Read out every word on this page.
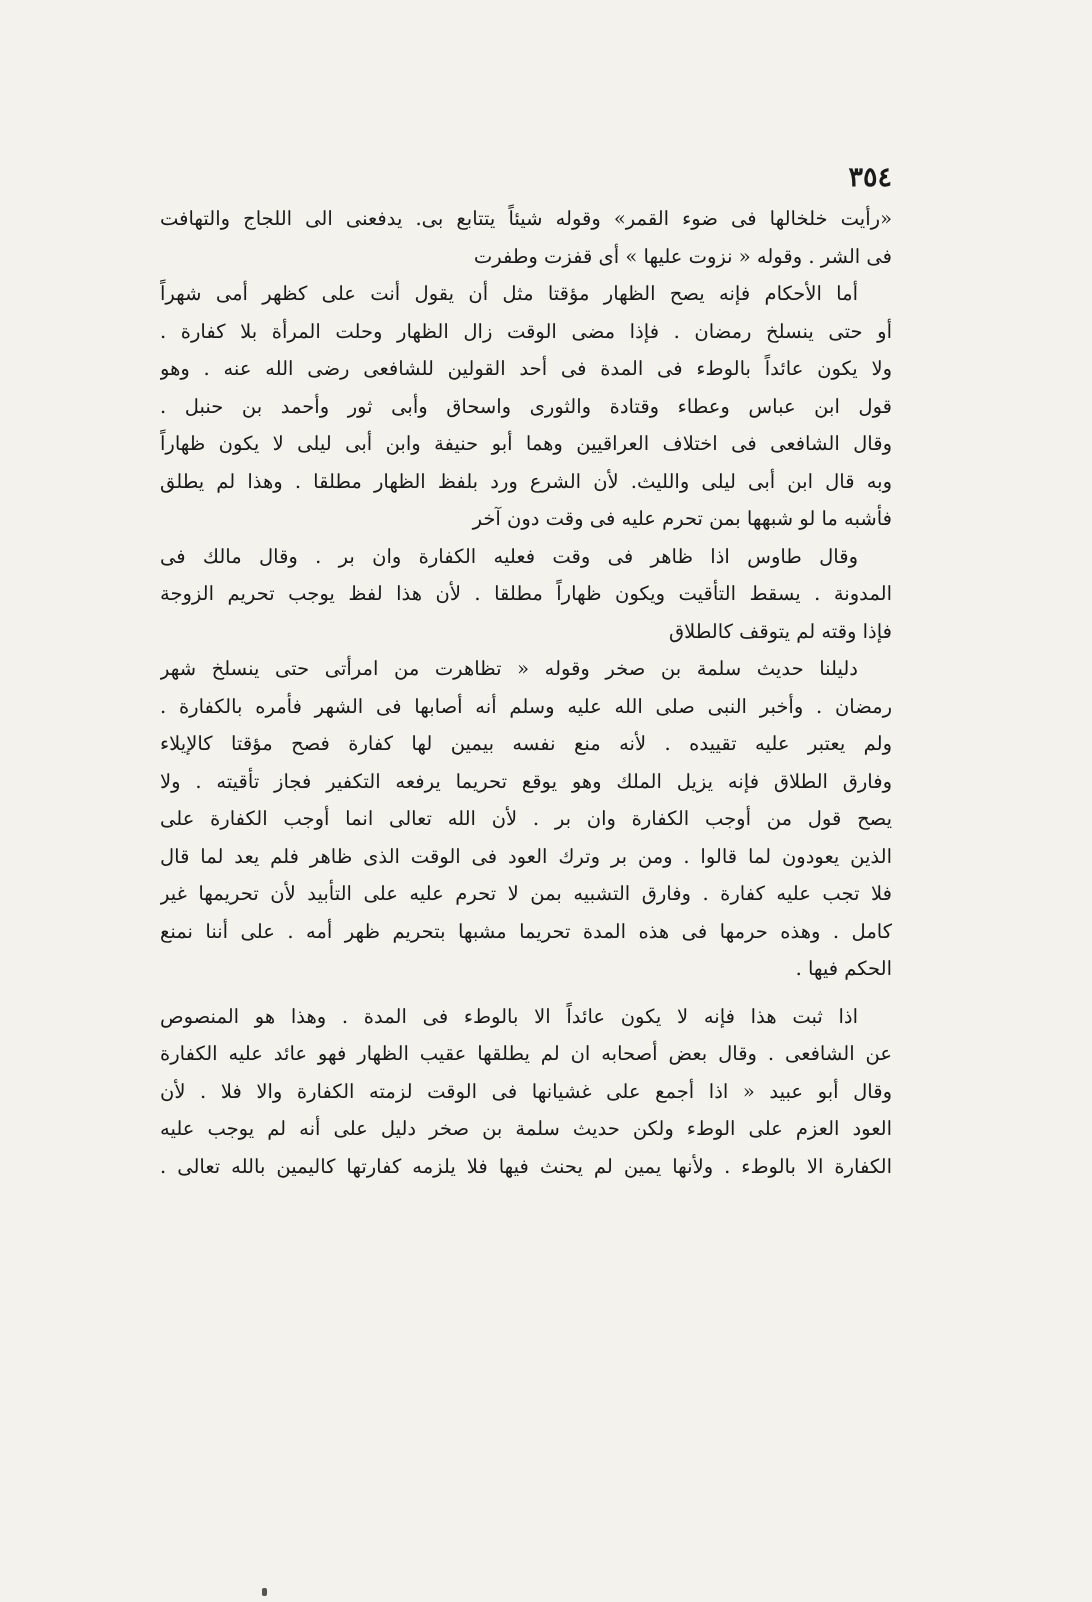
٣٥٤
«رأيت خلخالها فى ضوء القمر» وقوله شيئاً يتتابع بى. يدفعنى الى اللجاج والتهافت
فى الشر . وقوله « نزوت عليها » أى قفزت وطفرت
أما الأحكام فإنه يصح الظهار مؤقتا مثل أن يقول أنت على كظهر أمى شهراً
أو حتى ينسلخ رمضان . فإذا مضى الوقت زال الظهار وحلت المرأة بلا كفارة .
ولا يكون عائداً بالوطء فى المدة فى أحد القولين للشافعى رضى الله عنه . وهو
قول ابن عباس وعطاء وقتادة والثورى واسحاق وأبى ثور وأحمد بن حنبل .
وقال الشافعى فى اختلاف العراقيين وهما أبو حنيفة وابن أبى ليلى لا يكون ظهاراً
وبه قال ابن أبى ليلى والليث. لأن الشرع ورد بلفظ الظهار مطلقا . وهذا لم يطلق
فأشبه ما لو شبهها بمن تحرم عليه فى وقت دون آخر
وقال طاوس اذا ظاهر فى وقت فعليه الكفارة وان بر . وقال مالك فى
المدونة . يسقط التأقيت ويكون ظهاراً مطلقا . لأن هذا لفظ يوجب تحريم الزوجة
فإذا وقته لم يتوقف كالطلاق
دليلنا حديث سلمة بن صخر وقوله « تظاهرت من امرأتى حتى ينسلخ شهر
رمضان . وأخبر النبى صلى الله عليه وسلم أنه أصابها فى الشهر فأمره بالكفارة .
ولم يعتبر عليه تقييده . لأنه منع نفسه بيمين لها كفارة فصح مؤقتا كالإيلاء
وفارق الطلاق فإنه يزيل الملك وهو يوقع تحريما يرفعه التكفير فجاز تأقيته . ولا
يصح قول من أوجب الكفارة وان بر . لأن الله تعالى انما أوجب الكفارة على
الذين يعودون لما قالوا . ومن بر وترك العود فى الوقت الذى ظاهر فلم يعد لما قال
فلا تجب عليه كفارة . وفارق التشبيه بمن لا تحرم عليه على التأبيد لأن تحريمها غير
كامل . وهذه حرمها فى هذه المدة تحريما مشبها بتحريم ظهر أمه . على أننا نمنع
الحكم فيها .
اذا ثبت هذا فإنه لا يكون عائداً الا بالوطء فى المدة . وهذا هو المنصوص
عن الشافعى . وقال بعض أصحابه ان لم يطلقها عقيب الظهار فهو عائد عليه الكفارة
وقال أبو عبيد « اذا أجمع على غشيانها فى الوقت لزمته الكفارة والا فلا . لأن
العود العزم على الوطء ولكن حديث سلمة بن صخر دليل على أنه لم يوجب عليه
الكفارة الا بالوطء . ولأنها يمين لم يحنث فيها فلا يلزمه كفارتها كاليمين بالله تعالى .
